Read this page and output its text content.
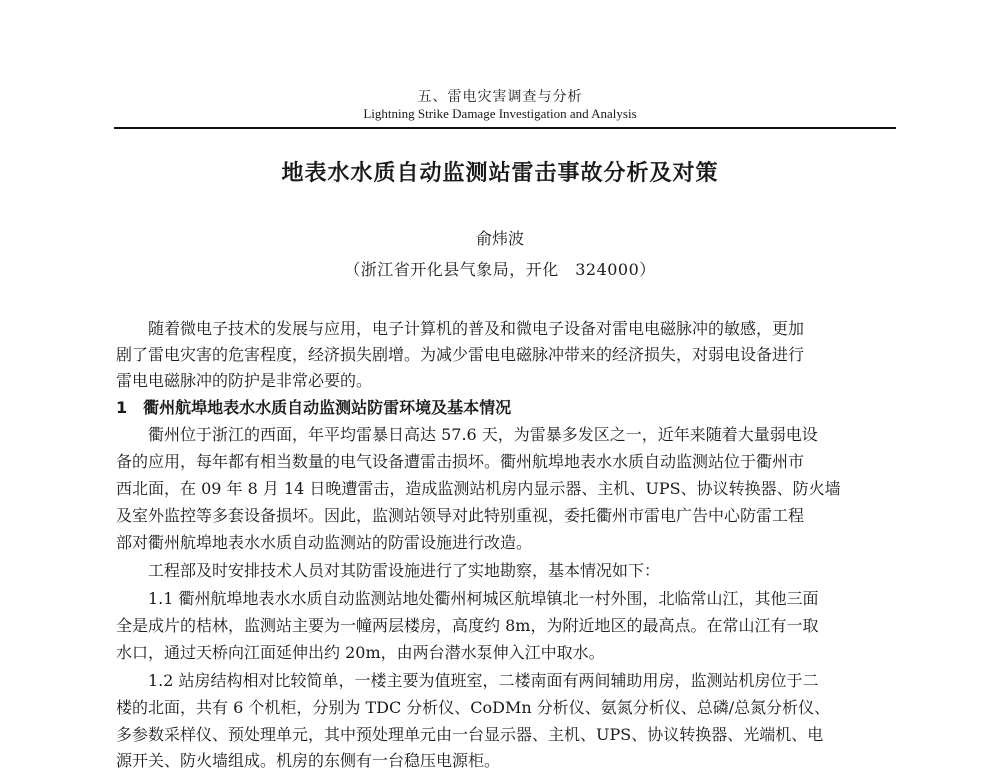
五、雷电灾害调查与分析
Lightning Strike Damage Investigation and Analysis
地表水水质自动监测站雷击事故分析及对策
俞炜波
（浙江省开化县气象局，开化　324000）
　　随着微电子技术的发展与应用，电子计算机的普及和微电子设备对雷电电磁脉冲的敏感，更加
剧了雷电灾害的危害程度，经济损失剧增。为减少雷电电磁脉冲带来的经济损失，对弱电设备进行
雷电电磁脉冲的防护是非常必要的。
1　衢州航埠地表水水质自动监测站防雷环境及基本情况
　　衢州位于浙江的西面，年平均雷暴日高达 57.6 天，为雷暴多发区之一，近年来随着大量弱电设
备的应用，每年都有相当数量的电气设备遭雷击损坏。衢州航埠地表水水质自动监测站位于衢州市
西北面，在 09 年 8 月 14 日晚遭雷击，造成监测站机房内显示器、主机、UPS、协议转换器、防火墙
及室外监控等多套设备损坏。因此，监测站领导对此特别重视，委托衢州市雷电广告中心防雷工程
部对衢州航埠地表水水质自动监测站的防雷设施进行改造。
　　工程部及时安排技术人员对其防雷设施进行了实地勘察，基本情况如下：
　　1.1 衢州航埠地表水水质自动监测站地处衢州柯城区航埠镇北一村外围，北临常山江，其他三面
全是成片的桔林，监测站主要为一幢两层楼房，高度约 8m，为附近地区的最高点。在常山江有一取
水口，通过天桥向江面延伸出约 20m，由两台潜水泵伸入江中取水。
　　1.2 站房结构相对比较简单，一楼主要为值班室，二楼南面有两间辅助用房，监测站机房位于二
楼的北面，共有 6 个机柜，分别为 TDC 分析仪、CoDMn 分析仪、氨氮分析仪、总磷/总氮分析仪、
多参数采样仪、预处理单元，其中预处理单元由一台显示器、主机、UPS、协议转换器、光端机、电
源开关、防火墙组成。机房的东侧有一台稳压电源柜。
